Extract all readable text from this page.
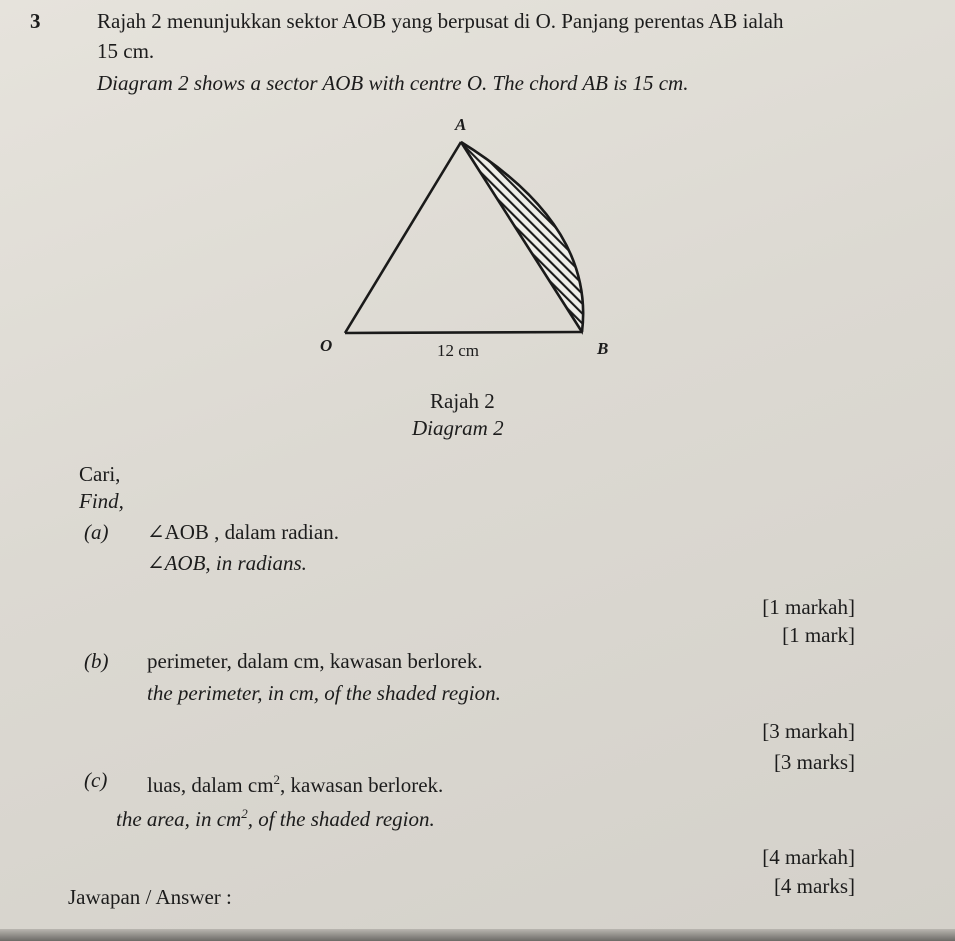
3	Rajah 2 menunjukkan sektor AOB yang berpusat di O. Panjang perentas AB ialah
15 cm.
Diagram 2 shows a sector AOB with centre O. The chord AB is 15 cm.
A
O	B
12 cm
Rajah 2
Diagram 2
Cari,
Find,
(a) ∠AOB , dalam radian.
∠AOB, in radians.
[1 markah]
[1 mark]
(b) perimeter, dalam cm, kawasan berlorek.
the perimeter, in cm, of the shaded region.
[3 markah]
[3 marks]
(c) luas, dalam $cm^2$, kawasan berlorek.
the area, in $cm^2$, of the shaded region.
[4 markah]
[4 marks]
Jawapan / Answer :
